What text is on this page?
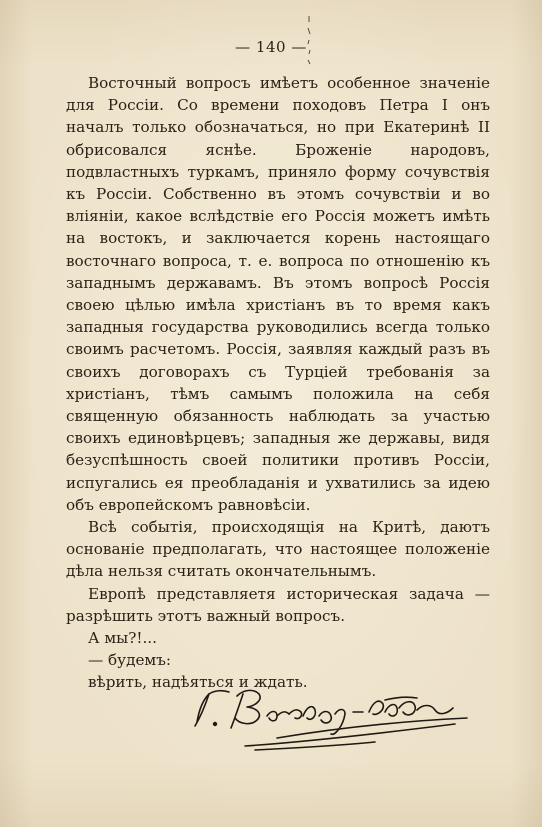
— 140 —

Восточный вопросъ имѣетъ особенное значеніе для Россіи. Со времени походовъ Петра I онъ началъ только обозначаться, но при Екатеринѣ II обрисовался яснѣе. Броженіе народовъ, подвластныхъ туркамъ, приняло форму сочувствія къ Россіи. Собственно въ этомъ сочувствіи и во вліяніи, какое вслѣдствіе его Россія можетъ имѣть на востокъ, и заключается корень настоящаго восточнаго вопроса, т. е. вопроса по отношенію къ западнымъ державамъ. Въ этомъ вопросѣ Россія своею цѣлью имѣла христіанъ въ то время какъ западныя государства руководились всегда только своимъ расчетомъ. Россія, заявляя каждый разъ въ своихъ договорахъ съ Турціей требованія за христіанъ, тѣмъ самымъ положила на себя священную обязанность наблюдать за участью своихъ единовѣрцевъ; западныя же державы, видя безуспѣшность своей политики противъ Россіи, испугались ея преобладанія и ухватились за идею объ европейскомъ равновѣсіи.

Всѣ событія, происходящія на Критѣ, даютъ основаніе предполагать, что настоящее положеніе дѣла нельзя считать окончательнымъ.

Европѣ представляетя историческая задача — разрѣшить этотъ важный вопросъ.

А мы?!...

— будемъ:

вѣрить, надѣяться и ждать.
